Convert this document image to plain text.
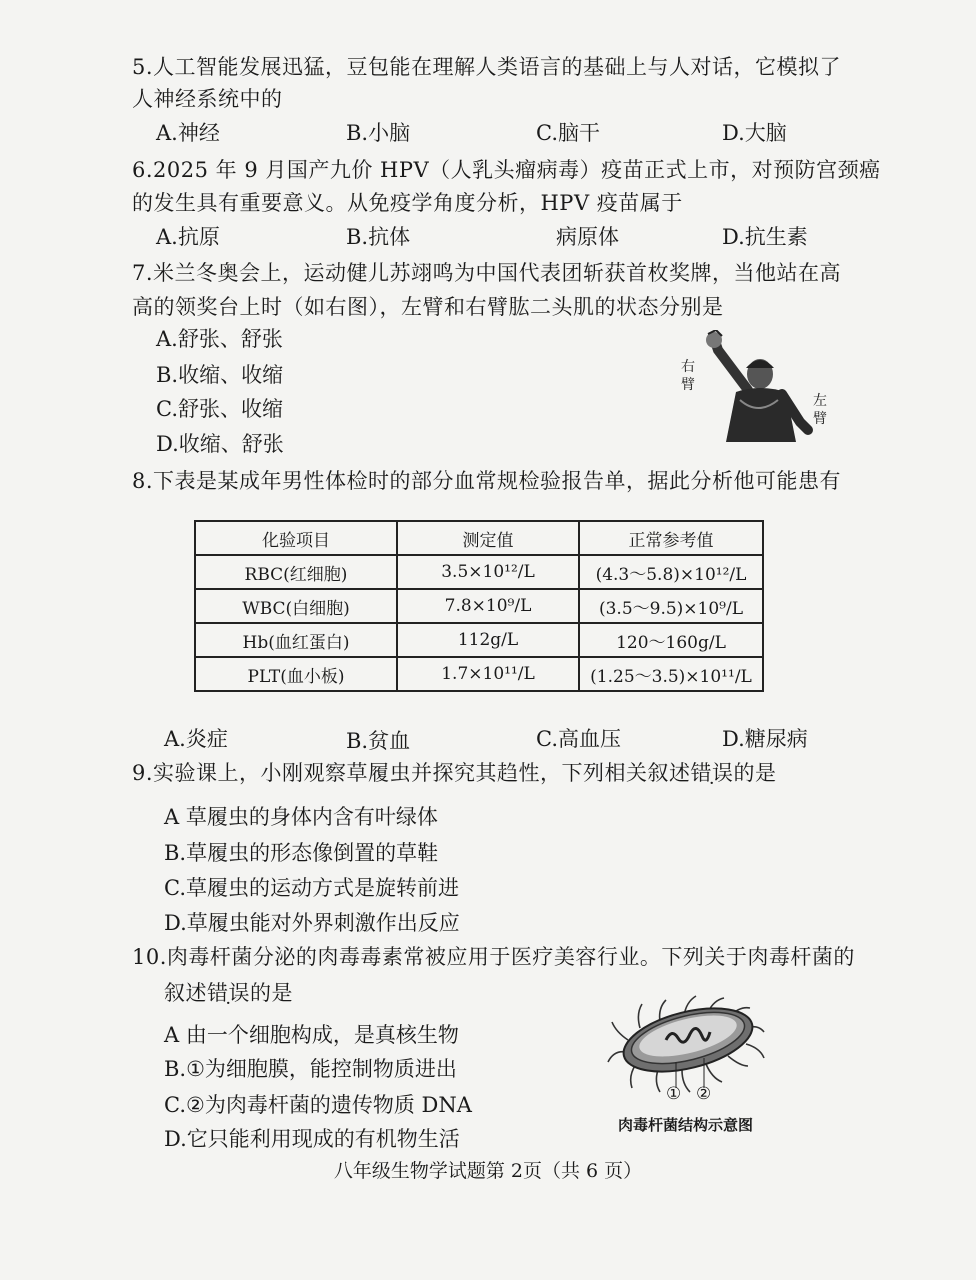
5.人工智能发展迅猛，豆包能在理解人类语言的基础上与人对话，它模拟了
人神经系统中的
A.神经	B.小脑	C.脑干	D.大脑
6.2025 年 9 月国产九价 HPV（人乳头瘤病毒）疫苗正式上市，对预防宫颈癌
的发生具有重要意义。从免疫学角度分析，HPV 疫苗属于
A.抗原	B.抗体	病原体	D.抗生素
7.米兰冬奥会上，运动健儿苏翊鸣为中国代表团斩获首枚奖牌，当他站在高
高的领奖台上时（如右图），左臂和右臂肱二头肌的状态分别是
A.舒张、舒张
B.收缩、收缩
C.舒张、收缩
D.收缩、舒张
右臂
左臂
8.下表是某成年男性体检时的部分血常规检验报告单，据此分析他可能患有
化验项目	测定值	正常参考值
RBC(红细胞)	3.5×10¹²/L	(4.3～5.8)×10¹²/L
WBC(白细胞)	7.8×10⁹/L	(3.5～9.5)×10⁹/L
Hb(血红蛋白)	112g/L	120～160g/L
PLT(血小板)	1.7×10¹¹/L	(1.25～3.5)×10¹¹/L
A.炎症	B.贫血	C.高血压	D.糖尿病
9.实验课上，小刚观察草履虫并探究其趋性，下列相关叙述错误的是
A 草履虫的身体内含有叶绿体
B.草履虫的形态像倒置的草鞋
C.草履虫的运动方式是旋转前进
D.草履虫能对外界刺激作出反应
10.肉毒杆菌分泌的肉毒毒素常被应用于医疗美容行业。下列关于肉毒杆菌的
叙述错误的是
A 由一个细胞构成，是真核生物
B.①为细胞膜，能控制物质进出
C.②为肉毒杆菌的遗传物质 DNA
D.它只能利用现成的有机物生活
① ②
肉毒杆菌结构示意图
八年级生物学试题第 2页（共 6 页）
